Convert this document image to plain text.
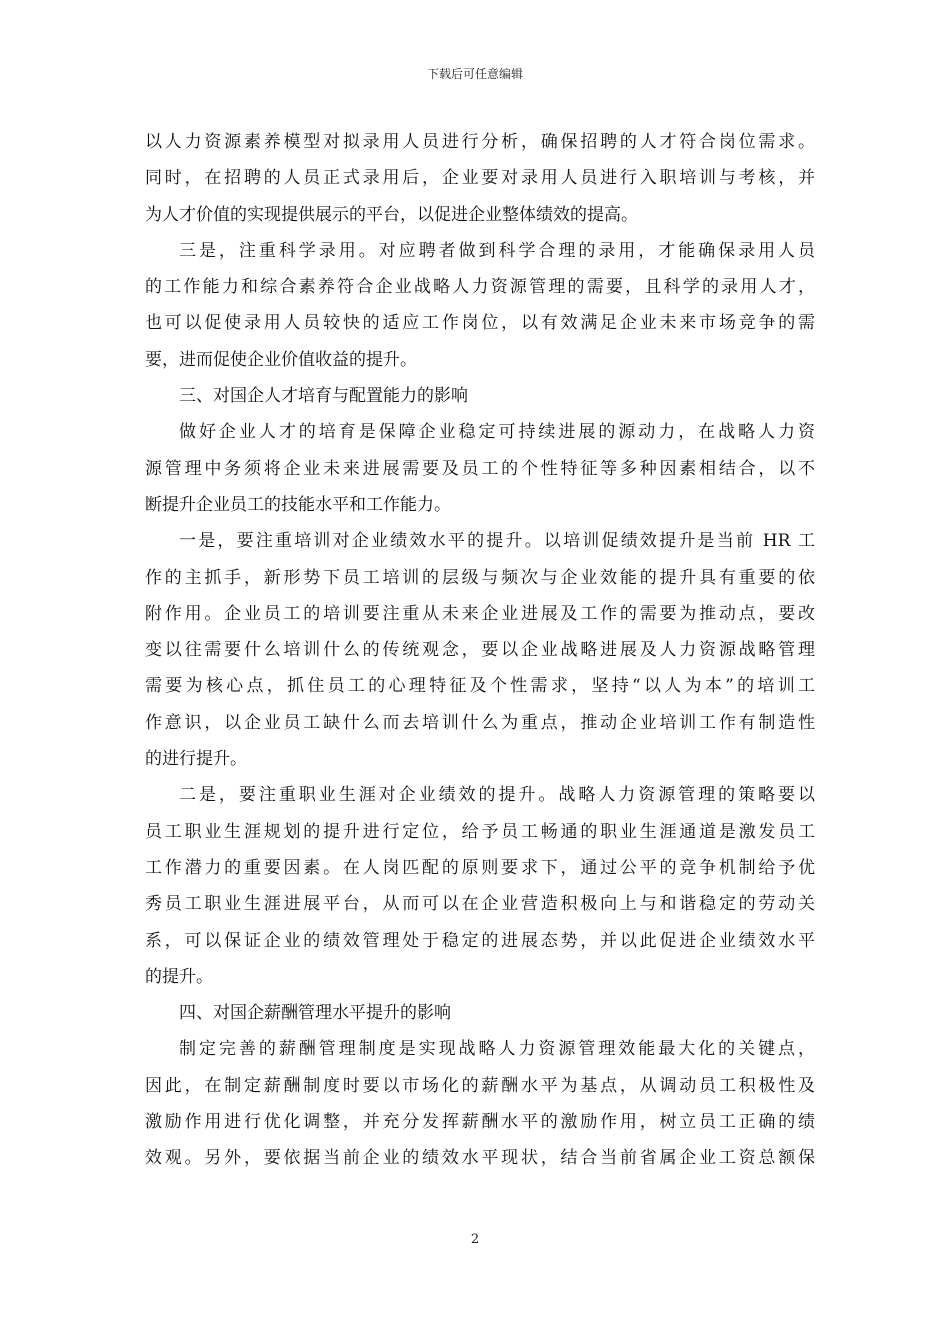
下载后可任意编辑
以人力资源素养模型对拟录用人员进行分析，确保招聘的人才符合岗位需求。
同时，在招聘的人员正式录用后，企业要对录用人员进行入职培训与考核，并
为人才价值的实现提供展示的平台，以促进企业整体绩效的提高。
三是，注重科学录用。对应聘者做到科学合理的录用，才能确保录用人员
的工作能力和综合素养符合企业战略人力资源管理的需要，且科学的录用人才，
也可以促使录用人员较快的适应工作岗位，以有效满足企业未来市场竞争的需
要，进而促使企业价值收益的提升。
三、对国企人才培育与配置能力的影响
做好企业人才的培育是保障企业稳定可持续进展的源动力，在战略人力资
源管理中务须将企业未来进展需要及员工的个性特征等多种因素相结合，以不
断提升企业员工的技能水平和工作能力。
一是，要注重培训对企业绩效水平的提升。以培训促绩效提升是当前 HR 工
作的主抓手，新形势下员工培训的层级与频次与企业效能的提升具有重要的依
附作用。企业员工的培训要注重从未来企业进展及工作的需要为推动点，要改
变以往需要什么培训什么的传统观念，要以企业战略进展及人力资源战略管理
需要为核心点，抓住员工的心理特征及个性需求，坚持“以人为本”的培训工
作意识，以企业员工缺什么而去培训什么为重点，推动企业培训工作有制造性
的进行提升。
二是，要注重职业生涯对企业绩效的提升。战略人力资源管理的策略要以
员工职业生涯规划的提升进行定位，给予员工畅通的职业生涯通道是激发员工
工作潜力的重要因素。在人岗匹配的原则要求下，通过公平的竞争机制给予优
秀员工职业生涯进展平台，从而可以在企业营造积极向上与和谐稳定的劳动关
系，可以保证企业的绩效管理处于稳定的进展态势，并以此促进企业绩效水平
的提升。
四、对国企薪酬管理水平提升的影响
制定完善的薪酬管理制度是实现战略人力资源管理效能最大化的关键点，
因此，在制定薪酬制度时要以市场化的薪酬水平为基点，从调动员工积极性及
激励作用进行优化调整，并充分发挥薪酬水平的激励作用，树立员工正确的绩
效观。另外，要依据当前企业的绩效水平现状，结合当前省属企业工资总额保
2
